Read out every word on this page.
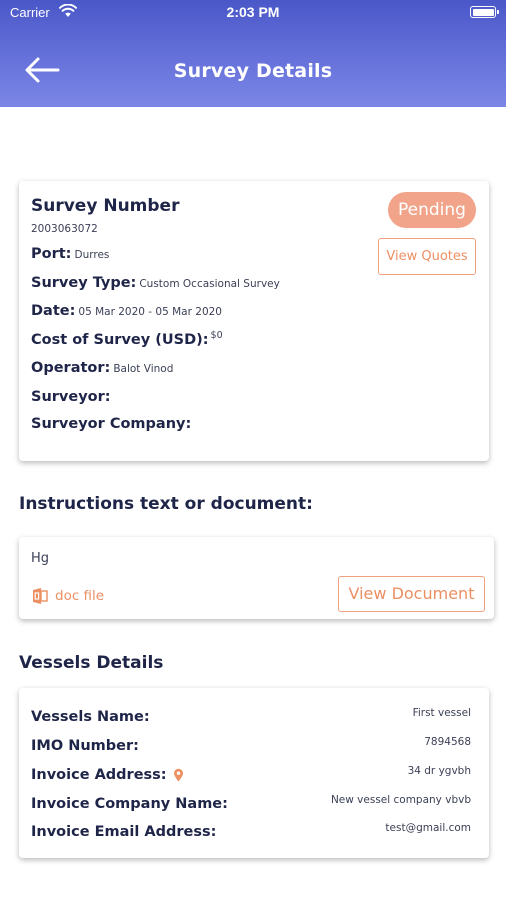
Carrier	2:03 PM
Survey Details
Survey Number
2003063072
Pending
View Quotes
Port: Durres
Survey Type: Custom Occasional Survey
Date: 05 Mar 2020 - 05 Mar 2020
Cost of Survey (USD): $^{\$0}$
Operator: Balot Vinod
Surveyor:
Surveyor Company:
Instructions text or document:
Hg
doc file	View Document
Vessels Details
Vessels Name:	First vessel
IMO Number:	7894568
Invoice Address:	34 dr ygvbh
Invoice Company Name:	New vessel company vbvb
Invoice Email Address:	test@gmail.com
